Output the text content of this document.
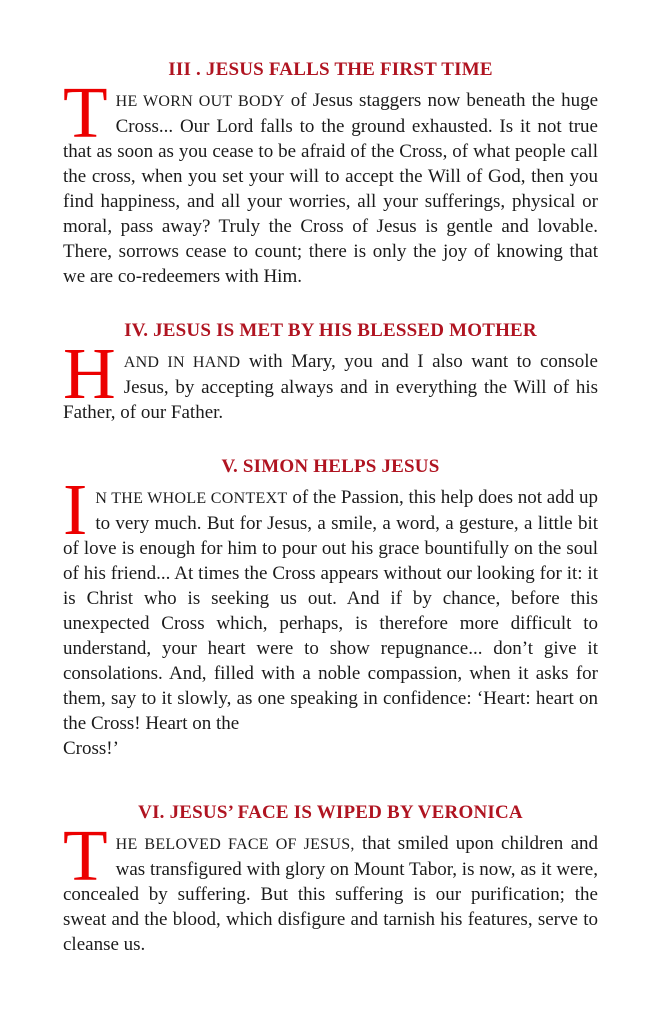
III . JESUS FALLS THE FIRST TIME

THE WORN OUT BODY of Jesus staggers now beneath the huge Cross... Our Lord falls to the ground exhausted. Is it not true that as soon as you cease to be afraid of the Cross, of what people call the cross, when you set your will to accept the Will of God, then you find happiness, and all your worries, all your sufferings, physical or moral, pass away? Truly the Cross of Jesus is gentle and lovable. There, sorrows cease to count; there is only the joy of knowing that we are co-redeemers with Him.

IV. JESUS IS MET BY HIS BLESSED MOTHER

HAND IN HAND with Mary, you and I also want to console Jesus, by accepting always and in everything the Will of his Father, of our Father.

V. SIMON HELPS JESUS

I N THE WHOLE CONTEXT of the Passion, this help does not add up to very much. But for Jesus, a smile, a word, a gesture, a little bit of love is enough for him to pour out his grace bountifully on the soul of his friend... At times the Cross appears without our looking for it: it is Christ who is seeking us out. And if by chance, before this unexpected Cross which, perhaps, is therefore more difficult to understand, your heart were to show repugnance... don’t give it consolations. And, filled with a noble compassion, when it asks for them, say to it slowly, as one speaking in confidence: ‘Heart: heart on the Cross! Heart on the
Cross!’

VI. JESUS’ FACE IS WIPED BY VERONICA

THE BELOVED FACE OF JESUS, that smiled upon children and was transfigured with glory on Mount Tabor, is now, as it were, concealed by suffering. But this suffering is our purification; the sweat and the blood, which disfigure and tarnish his features, serve to cleanse us.
